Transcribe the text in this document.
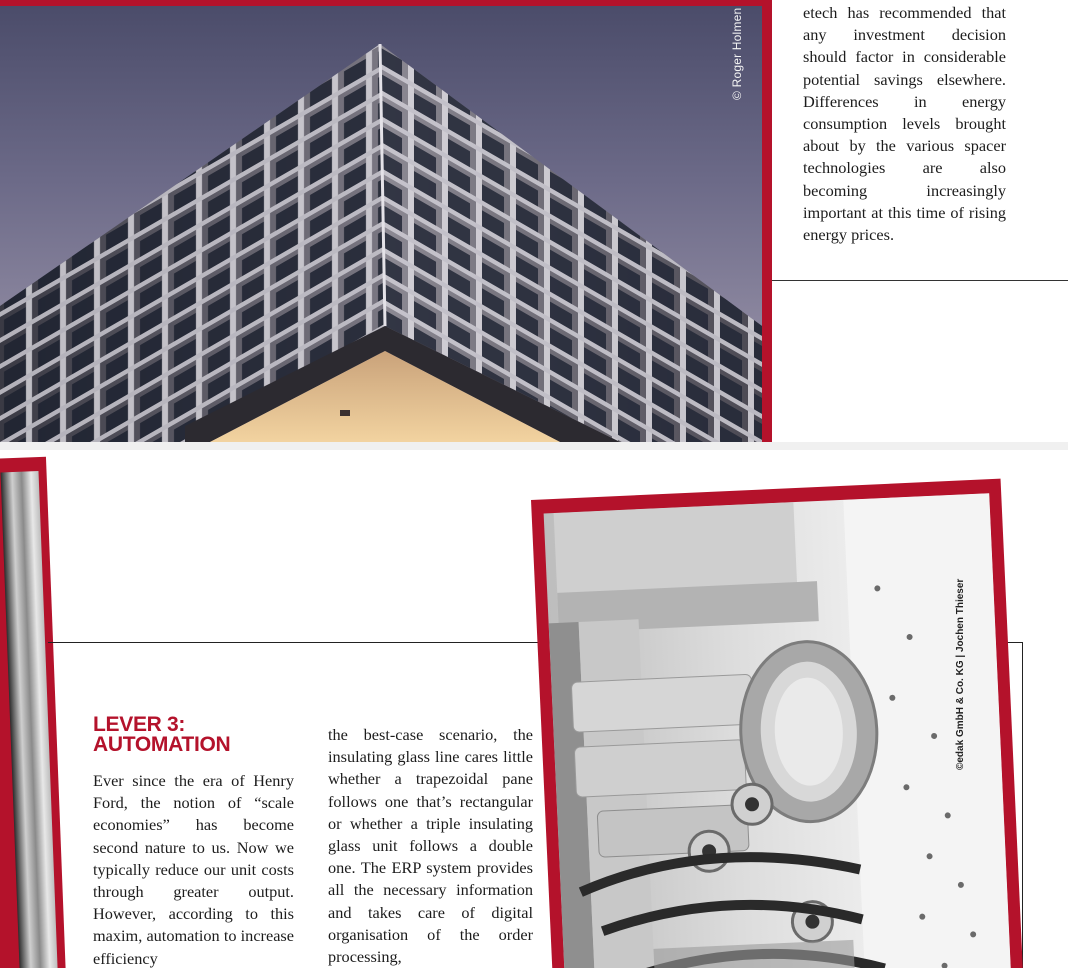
© Roger Holmen	etech has recommended that any investment decision should factor in considerable potential savings elsewhere. Differences in energy consumption levels brought about by the various spacer technologies are also becoming increasingly important at this time of rising energy prices.

LEVER 3:
AUTOMATION

Ever since the era of Henry Ford, the notion of “scale economies” has become second nature to us. Now we typically reduce our unit costs through greater output. However, according to this maxim, automation to increase efficiency

the best-case scenario, the insulating glass line cares little whether a trapezoidal pane follows one that’s rectangular or whether a triple insulating glass unit follows a double one. The ERP system provides all the necessary information and takes care of digital organisation of the order processing,

©edak GmbH & Co. KG | Jochen Thieser
